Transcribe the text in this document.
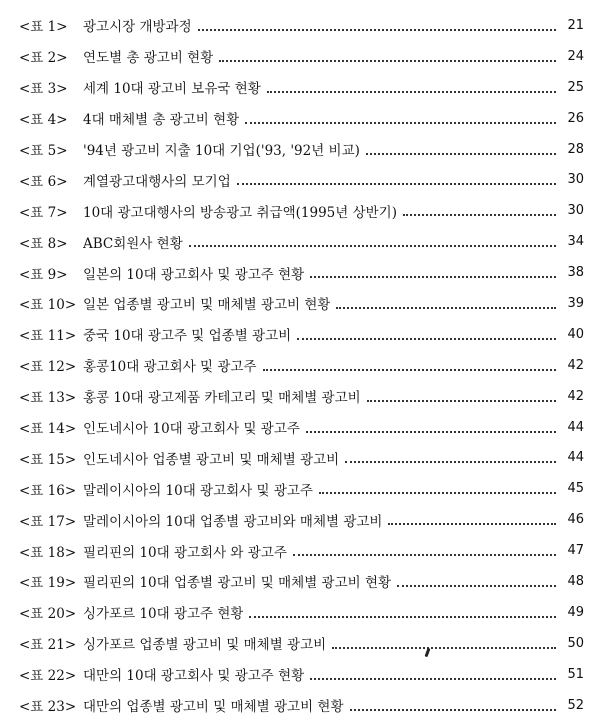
<표 1>	광고시장 개방과정	21
<표 2>	연도별 총 광고비 현황	24
<표 3>	세계 10대 광고비 보유국 현황	25
<표 4>	4대 매체별 총 광고비 현황	26
<표 5>	'94년 광고비 지출 10대 기업('93, '92년 비교)	28
<표 6>	계열광고대행사의 모기업	30
<표 7>	10대 광고대행사의 방송광고 취급액(1995년 상반기)	30
<표 8>	ABC회원사 현황	34
<표 9>	일본의 10대 광고회사 및 광고주 현황	38
<표 10> 일본 업종별 광고비 및 매체별 광고비 현황	39
<표 11> 중국 10대 광고주 및 업종별 광고비	40
<표 12> 홍콩10대 광고회사 및 광고주	42
<표 13> 홍콩 10대 광고제품 카테고리 및 매체별 광고비	42
<표 14> 인도네시아 10대 광고회사 및 광고주	44
<표 15> 인도네시아 업종별 광고비 및 매체별 광고비	44
<표 16> 말레이시아의 10대 광고회사 및 광고주	45
<표 17> 말레이시아의 10대 업종별 광고비와 매체별 광고비	46
<표 18> 필리핀의 10대 광고회사 와 광고주	47
<표 19> 필리핀의 10대 업종별 광고비 및 매체별 광고비 현황	48
<표 20> 싱가포르 10대 광고주 현황	49
<표 21> 싱가포르 업종별 광고비 및 매체별 광고비	50
<표 22> 대만의 10대 광고회사 및 광고주 현황	51
<표 23> 대만의 업종별 광고비 및 매체별 광고비 현황	52
